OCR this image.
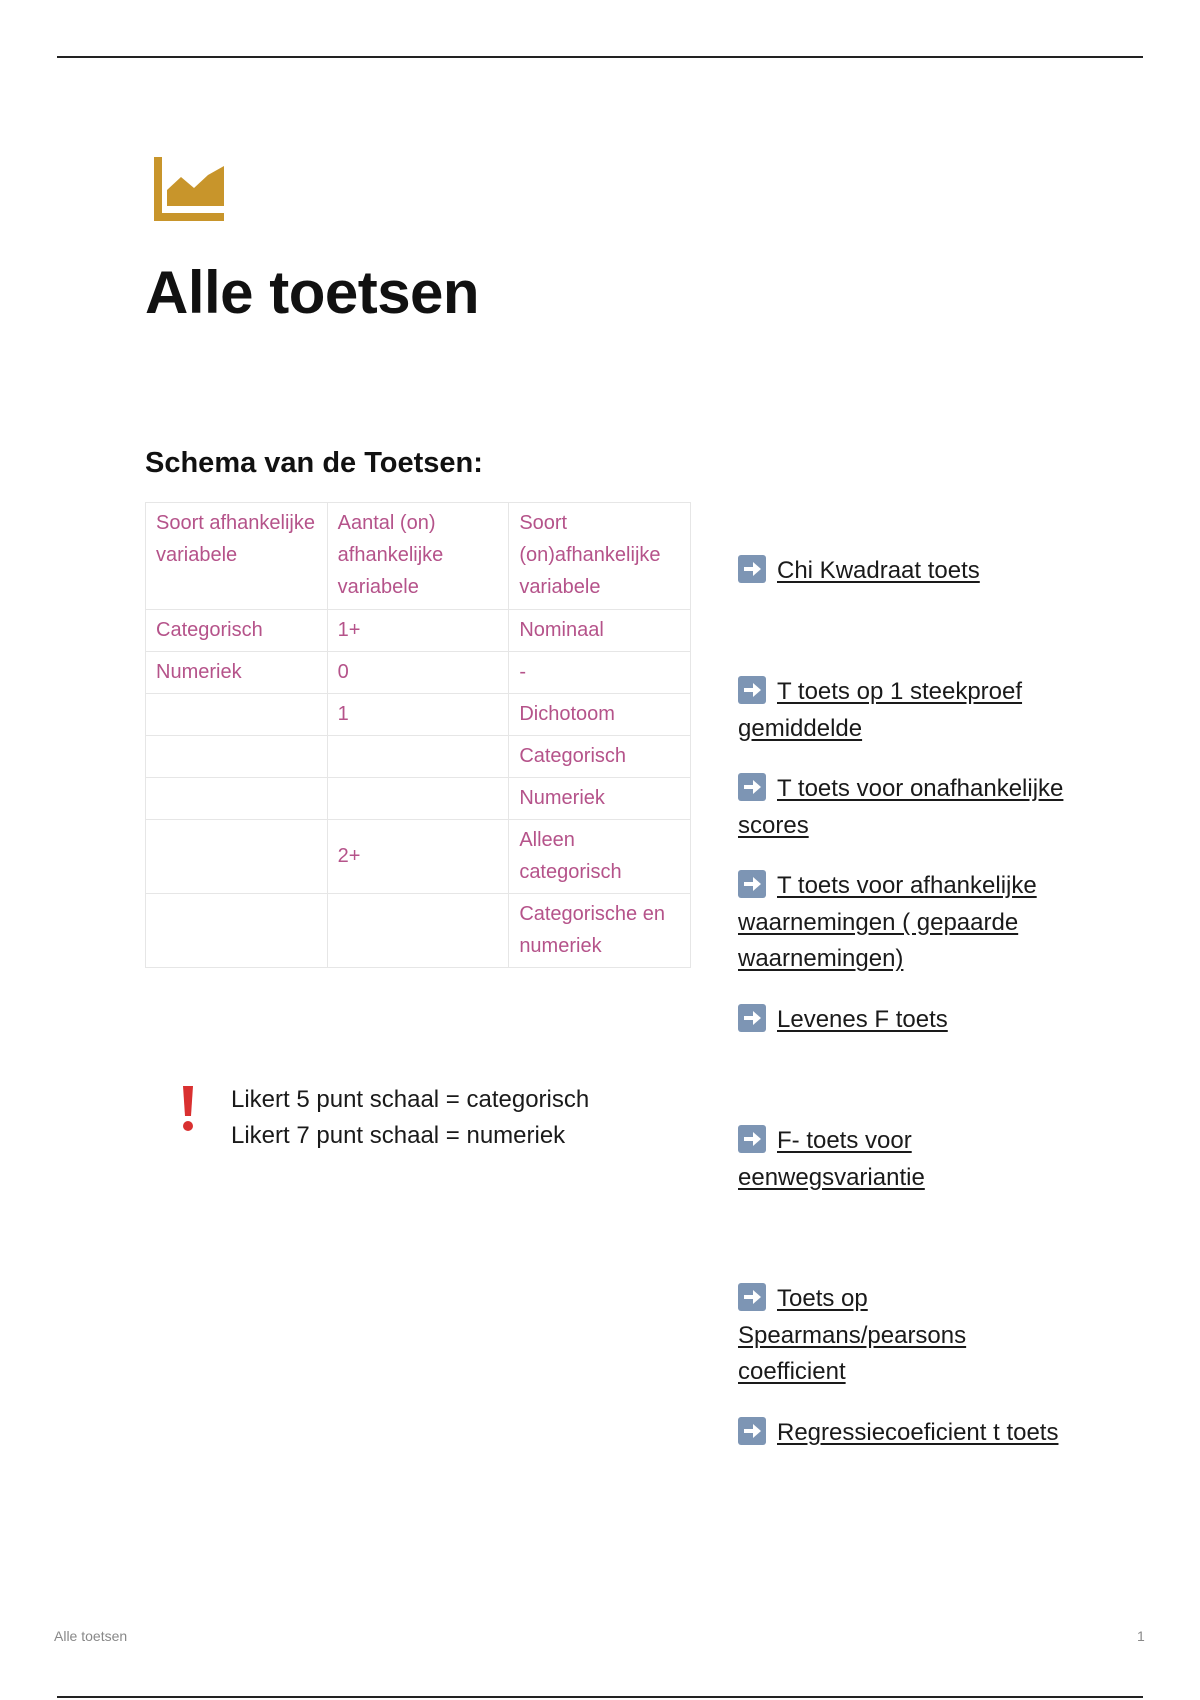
Alle toetsen
Schema van de Toetsen:
Soort afhankelijke variabele	Aantal (on) afhankelijke variabele	Soort (on)afhankelijke variabele
Categorisch	1+	Nominaal
Numeriek	0	-
	1	Dichotoom
		Categorisch
		Numeriek
	2+	Alleen categorisch
		Categorische en numeriek
Likert 5 punt schaal = categorisch
Likert 7 punt schaal = numeriek
Chi Kwadraat toets
T toets op 1 steekproef gemiddelde
T toets voor onafhankelijke scores
T toets voor afhankelijke waarnemingen ( gepaarde waarnemingen)
Levenes F toets
F- toets voor eenwegsvariantie
Toets op Spearmans/pearsons coefficient
Regressiecoeficient t toets
Alle toetsen	1
